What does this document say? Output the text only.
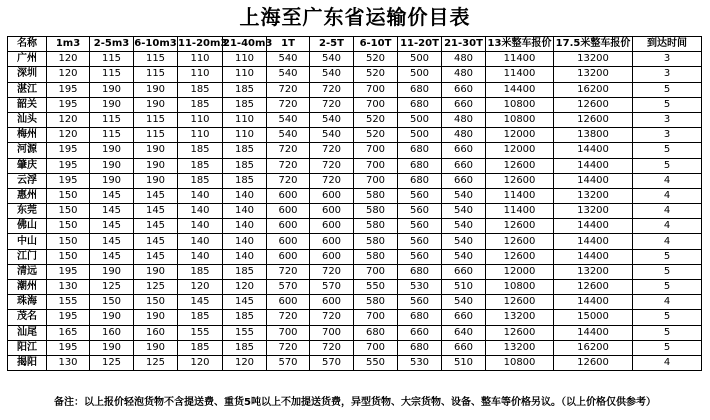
上海至广东省运输价目表
名称	1m3	2-5m3	6-10m3	11-20m3	21-40m3	1T	2-5T	6-10T	11-20T	21-30T	13米整车报价	17.5米整车报价	到达时间
广州	120	115	115	110	110	540	540	520	500	480	11400	13200	3
深圳	120	115	115	110	110	540	540	520	500	480	11400	13200	3
湛江	195	190	190	185	185	720	720	700	680	660	14400	16200	5
韶关	195	190	190	185	185	720	720	700	680	660	10800	12600	5
汕头	120	115	115	110	110	540	540	520	500	480	10800	12600	3
梅州	120	115	115	110	110	540	540	520	500	480	12000	13800	3
河源	195	190	190	185	185	720	720	700	680	660	12000	14400	5
肇庆	195	190	190	185	185	720	720	700	680	660	12600	14400	5
云浮	195	190	190	185	185	720	720	700	680	660	12600	14400	4
惠州	150	145	145	140	140	600	600	580	560	540	11400	13200	4
东莞	150	145	145	140	140	600	600	580	560	540	11400	13200	4
佛山	150	145	145	140	140	600	600	580	560	540	12600	14400	4
中山	150	145	145	140	140	600	600	580	560	540	12600	14400	4
江门	150	145	145	140	140	600	600	580	560	540	12600	14400	5
清远	195	190	190	185	185	720	720	700	680	660	12000	13200	5
潮州	130	125	125	120	120	570	570	550	530	510	10800	12600	5
珠海	155	150	150	145	145	600	600	580	560	540	12600	14400	4
茂名	195	190	190	185	185	720	720	700	680	660	13200	15000	5
汕尾	165	160	160	155	155	700	700	680	660	640	12600	14400	5
阳江	195	190	190	185	185	720	720	700	680	660	13200	16200	5
揭阳	130	125	125	120	120	570	570	550	530	510	10800	12600	4
备注：以上报价轻泡货物不含提送费、重货5吨以上不加提送货费，异型货物、大宗货物、设备、整车等价格另议。（以上价格仅供参考）
